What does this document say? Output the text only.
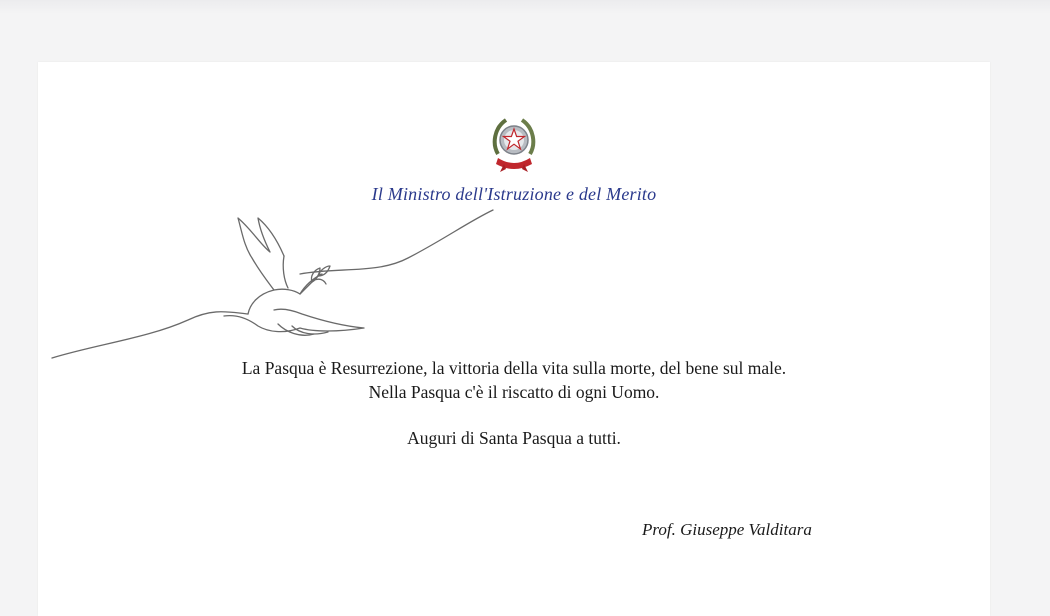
Il Ministro dell'Istruzione e del Merito
La Pasqua è Resurrezione, la vittoria della vita sulla morte, del bene sul male.
Nella Pasqua c'è il riscatto di ogni Uomo.
Auguri di Santa Pasqua a tutti.
Prof. Giuseppe Valditara
